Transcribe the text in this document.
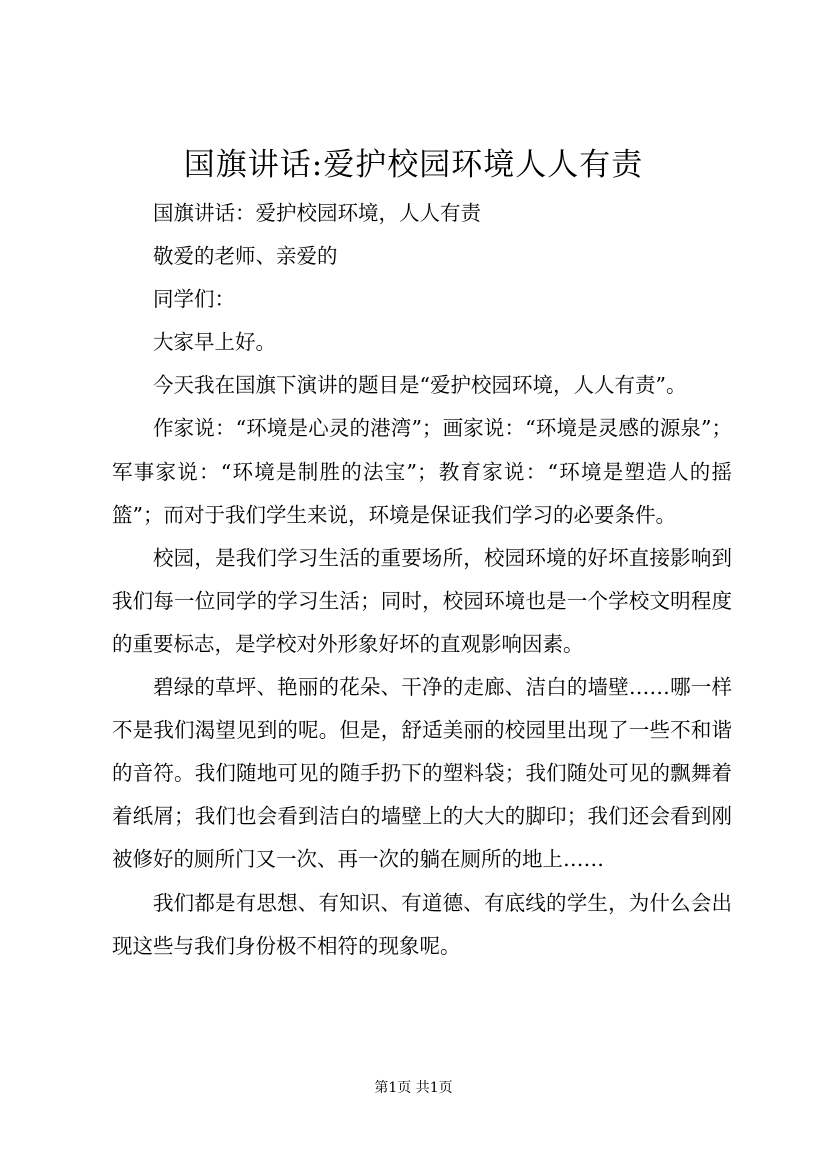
国旗讲话:爱护校园环境人人有责

国旗讲话：爱护校园环境，人人有责

敬爱的老师、亲爱的

同学们：

大家早上好。

今天我在国旗下演讲的题目是“爱护校园环境，人人有责”。

作家说：“环境是心灵的港湾”；画家说：“环境是灵感的源泉”；军事家说：“环境是制胜的法宝”；教育家说：“环境是塑造人的摇篮”；而对于我们学生来说，环境是保证我们学习的必要条件。

校园，是我们学习生活的重要场所，校园环境的好坏直接影响到我们每一位同学的学习生活；同时，校园环境也是一个学校文明程度的重要标志，是学校对外形象好坏的直观影响因素。

碧绿的草坪、艳丽的花朵、干净的走廊、洁白的墙壁……哪一样不是我们渴望见到的呢。但是，舒适美丽的校园里出现了一些不和谐的音符。我们随地可见的随手扔下的塑料袋；我们随处可见的飘舞着着纸屑；我们也会看到洁白的墙壁上的大大的脚印；我们还会看到刚被修好的厕所门又一次、再一次的躺在厕所的地上……

我们都是有思想、有知识、有道德、有底线的学生，为什么会出现这些与我们身份极不相符的现象呢。

第1页 共1页
